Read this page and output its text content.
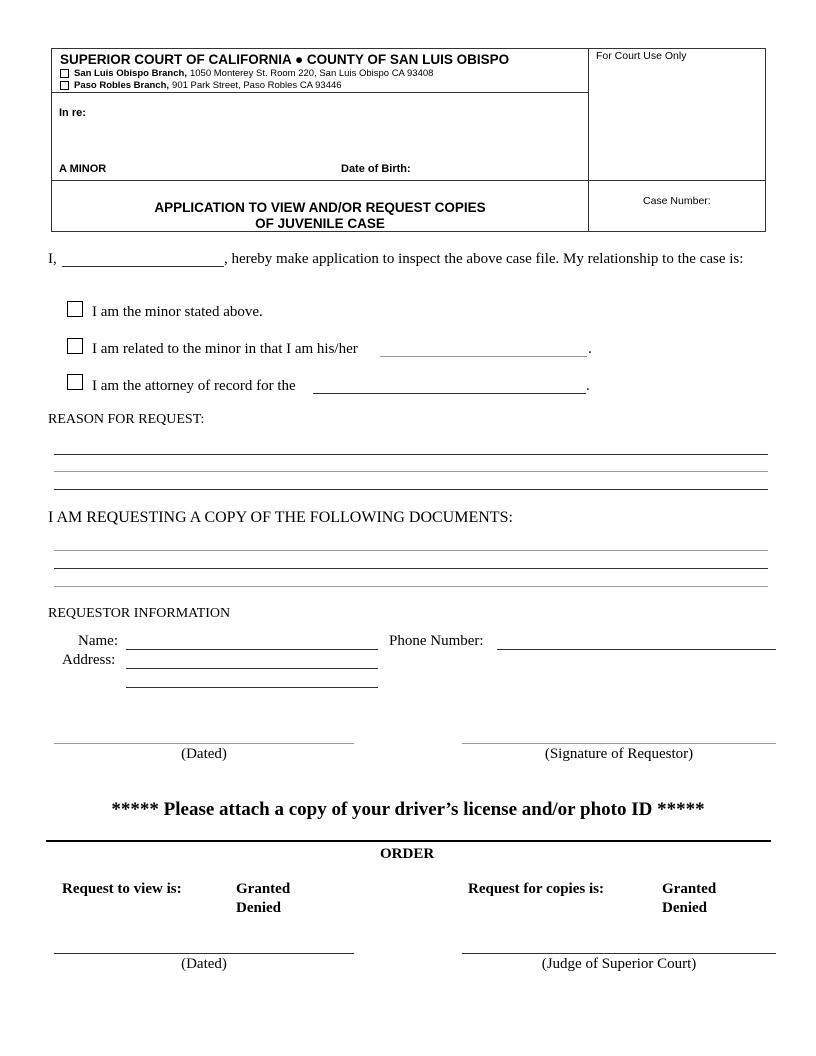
SUPERIOR COURT OF CALIFORNIA ● COUNTY OF SAN LUIS OBISPO
San Luis Obispo Branch, 1050 Monterey St. Room 220, San Luis Obispo CA 93408
Paso Robles Branch, 901 Park Street, Paso Robles CA 93446
For Court Use Only
In re:
A MINOR	Date of Birth:
APPLICATION TO VIEW AND/OR REQUEST COPIES
OF JUVENILE CASE
Case Number:
I,	, hereby make application to inspect the above case file. My relationship to the case is:
I am the minor stated above.
I am related to the minor in that I am his/her	.
I am the attorney of record for the	.
REASON FOR REQUEST:
I AM REQUESTING A COPY OF THE FOLLOWING DOCUMENTS:
REQUESTOR INFORMATION
Name:	Phone Number:
Address:
(Dated)	(Signature of Requestor)
***** Please attach a copy of your driver’s license and/or photo ID *****
ORDER
Request to view is:	Granted
Denied
Request for copies is:	Granted
Denied
(Dated)	(Judge of Superior Court)
